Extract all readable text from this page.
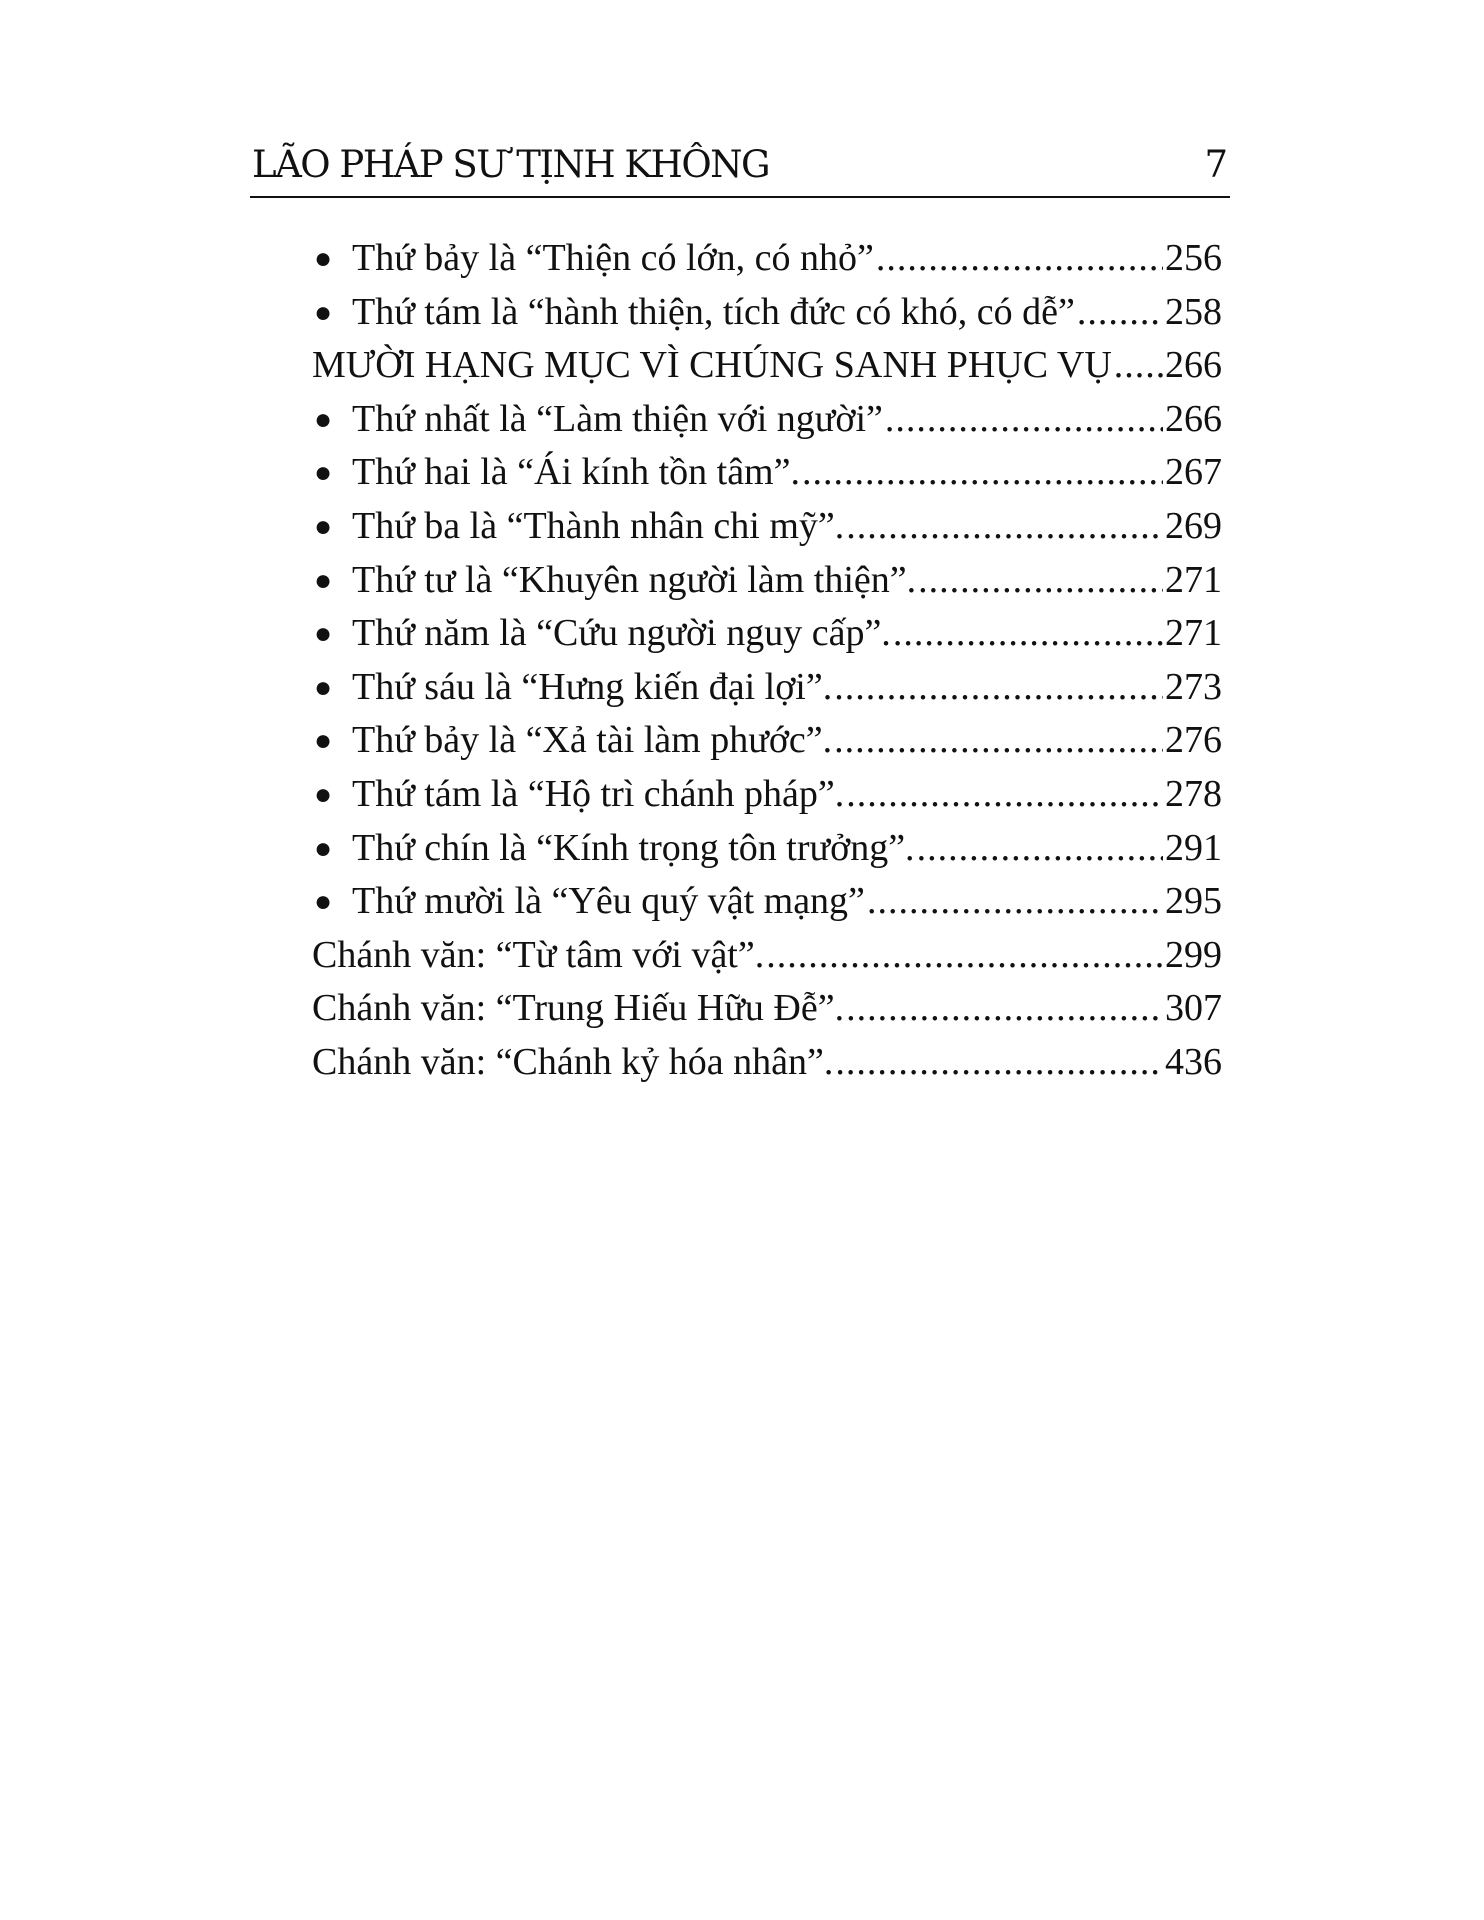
LÃO PHÁP SƯ TỊNH KHÔNG	7
● Thứ bảy là “Thiện có lớn, có nhỏ” .....	256
● Thứ tám là “hành thiện, tích đức có khó, có dễ” ..... 258
MƯỜI HẠNG MỤC VÌ CHÚNG SANH PHỤC VỤ ..... 266
● Thứ nhất là “Làm thiện với người” .....	266
● Thứ hai là “Ái kính tồn tâm”. .....	267
● Thứ ba là “Thành nhân chi mỹ”. .....	269
● Thứ tư là “Khuyên người làm thiện”. .....	271
● Thứ năm là “Cứu người nguy cấp”. .....	271
● Thứ sáu là “Hưng kiến đại lợi”. .....	273
● Thứ bảy là “Xả tài làm phước”. .....	276
● Thứ tám là “Hộ trì chánh pháp”. .....	278
● Thứ chín là “Kính trọng tôn trưởng”. .....	291
● Thứ mười là “Yêu quý vật mạng” .....	295
Chánh văn: “Từ tâm với vật”. .....	299
Chánh văn: “Trung Hiếu Hữu Đễ”. .....	307
Chánh văn: “Chánh kỷ hóa nhân”. .....	436
